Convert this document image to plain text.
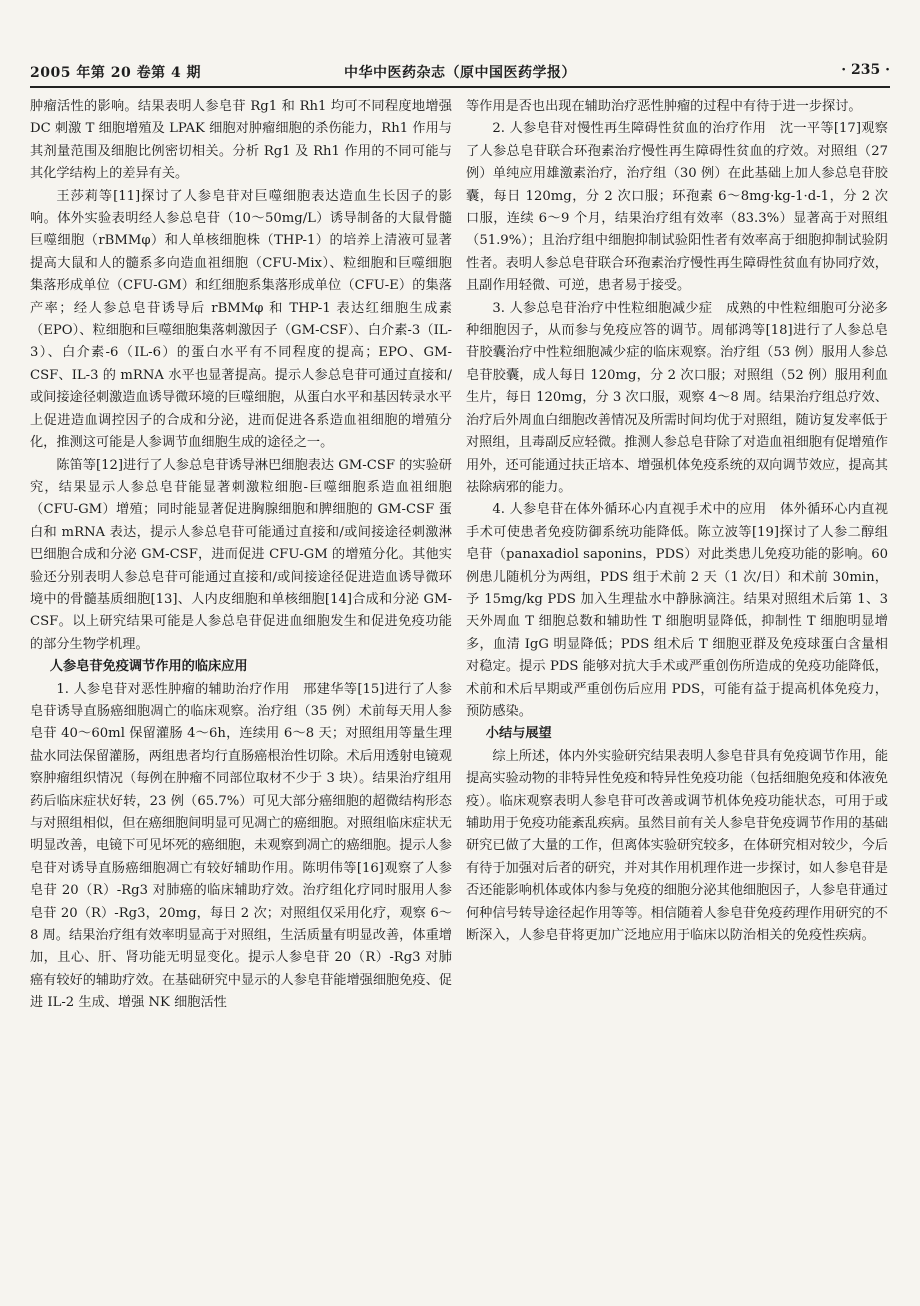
2005 年第 20 卷第 4 期	中华中医药杂志（原中国医药学报）	· 235 ·

肿瘤活性的影响。结果表明人参皂苷 Rg1 和 Rh1 均可不同程度地增强 DC 刺激 T 细胞增殖及 LPAK 细胞对肿瘤细胞的杀伤能力，Rh1 作用与其剂量范围及细胞比例密切相关。分析 Rg1 及 Rh1 作用的不同可能与其化学结构上的差异有关。

王莎莉等[11]探讨了人参皂苷对巨噬细胞表达造血生长因子的影响。体外实验表明经人参总皂苷（10～50mg/L）诱导制备的大鼠骨髓巨噬细胞（rBMMφ）和人单核细胞株（THP-1）的培养上清液可显著提高大鼠和人的髓系多向造血祖细胞（CFU-Mix）、粒细胞和巨噬细胞集落形成单位（CFU-GM）和红细胞系集落形成单位（CFU-E）的集落产率；经人参总皂苷诱导后 rBMMφ 和 THP-1 表达红细胞生成素（EPO）、粒细胞和巨噬细胞集落刺激因子（GM-CSF）、白介素-3（IL-3）、白介素-6（IL-6）的蛋白水平有不同程度的提高；EPO、GM-CSF、IL-3 的 mRNA 水平也显著提高。提示人参总皂苷可通过直接和/或间接途径刺激造血诱导微环境的巨噬细胞，从蛋白水平和基因转录水平上促进造血调控因子的合成和分泌，进而促进各系造血祖细胞的增殖分化，推测这可能是人参调节血细胞生成的途径之一。

陈笛等[12]进行了人参总皂苷诱导淋巴细胞表达 GM-CSF 的实验研究，结果显示人参总皂苷能显著刺激粒细胞-巨噬细胞系造血祖细胞（CFU-GM）增殖；同时能显著促进胸腺细胞和脾细胞的 GM-CSF 蛋白和 mRNA 表达，提示人参总皂苷可能通过直接和/或间接途径刺激淋巴细胞合成和分泌 GM-CSF，进而促进 CFU-GM 的增殖分化。其他实验还分别表明人参总皂苷可能通过直接和/或间接途径促进造血诱导微环境中的骨髓基质细胞[13]、人内皮细胞和单核细胞[14]合成和分泌 GM-CSF。以上研究结果可能是人参总皂苷促进血细胞发生和促进免疫功能的部分生物学机理。

人参皂苷免疫调节作用的临床应用

1. 人参皂苷对恶性肿瘤的辅助治疗作用　邢建华等[15]进行了人参皂苷诱导直肠癌细胞凋亡的临床观察。治疗组（35 例）术前每天用人参皂苷 40～60ml 保留灌肠 4～6h，连续用 6～8 天；对照组用等量生理盐水同法保留灌肠，两组患者均行直肠癌根治性切除。术后用透射电镜观察肿瘤组织情况（每例在肿瘤不同部位取材不少于 3 块）。结果治疗组用药后临床症状好转，23 例（65.7%）可见大部分癌细胞的超微结构形态与对照组相似，但在癌细胞间明显可见凋亡的癌细胞。对照组临床症状无明显改善，电镜下可见坏死的癌细胞，未观察到凋亡的癌细胞。提示人参皂苷对诱导直肠癌细胞凋亡有较好辅助作用。陈明伟等[16]观察了人参皂苷 20（R）-Rg3 对肺癌的临床辅助疗效。治疗组化疗同时服用人参皂苷 20（R）-Rg3，20mg，每日 2 次；对照组仅采用化疗，观察 6～8 周。结果治疗组有效率明显高于对照组，生活质量有明显改善，体重增加，且心、肝、肾功能无明显变化。提示人参皂苷 20（R）-Rg3 对肺癌有较好的辅助疗效。在基础研究中显示的人参皂苷能增强细胞免疫、促进 IL-2 生成、增强 NK 细胞活性

等作用是否也出现在辅助治疗恶性肿瘤的过程中有待于进一步探讨。

2. 人参皂苷对慢性再生障碍性贫血的治疗作用　沈一平等[17]观察了人参总皂苷联合环孢素治疗慢性再生障碍性贫血的疗效。对照组（27 例）单纯应用雄激素治疗，治疗组（30 例）在此基础上加人参总皂苷胶囊，每日 120mg，分 2 次口服；环孢素 6～8mg·kg-1·d-1，分 2 次口服，连续 6～9 个月，结果治疗组有效率（83.3%）显著高于对照组（51.9%）；且治疗组中细胞抑制试验阳性者有效率高于细胞抑制试验阴性者。表明人参总皂苷联合环孢素治疗慢性再生障碍性贫血有协同疗效，且副作用轻微、可逆，患者易于接受。

3. 人参总皂苷治疗中性粒细胞减少症　成熟的中性粒细胞可分泌多种细胞因子，从而参与免疫应答的调节。周郁鸿等[18]进行了人参总皂苷胶囊治疗中性粒细胞减少症的临床观察。治疗组（53 例）服用人参总皂苷胶囊，成人每日 120mg，分 2 次口服；对照组（52 例）服用利血生片，每日 120mg，分 3 次口服，观察 4～8 周。结果治疗组总疗效、治疗后外周血白细胞改善情况及所需时间均优于对照组，随访复发率低于对照组，且毒副反应轻微。推测人参总皂苷除了对造血祖细胞有促增殖作用外，还可能通过扶正培本、增强机体免疫系统的双向调节效应，提高其祛除病邪的能力。

4. 人参皂苷在体外循环心内直视手术中的应用　体外循环心内直视手术可使患者免疫防御系统功能降低。陈立波等[19]探讨了人参二醇组皂苷（panaxadiol saponins，PDS）对此类患儿免疫功能的影响。60 例患儿随机分为两组，PDS 组于术前 2 天（1 次/日）和术前 30min，予 15mg/kg PDS 加入生理盐水中静脉滴注。结果对照组术后第 1、3 天外周血 T 细胞总数和辅助性 T 细胞明显降低，抑制性 T 细胞明显增多，血清 IgG 明显降低；PDS 组术后 T 细胞亚群及免疫球蛋白含量相对稳定。提示 PDS 能够对抗大手术或严重创伤所造成的免疫功能降低，术前和术后早期或严重创伤后应用 PDS，可能有益于提高机体免疫力，预防感染。

小结与展望

综上所述，体内外实验研究结果表明人参皂苷具有免疫调节作用，能提高实验动物的非特异性免疫和特异性免疫功能（包括细胞免疫和体液免疫）。临床观察表明人参皂苷可改善或调节机体免疫功能状态，可用于或辅助用于免疫功能紊乱疾病。虽然目前有关人参皂苷免疫调节作用的基础研究已做了大量的工作，但离体实验研究较多，在体研究相对较少，今后有待于加强对后者的研究，并对其作用机理作进一步探讨，如人参皂苷是否还能影响机体或体内参与免疫的细胞分泌其他细胞因子，人参皂苷通过何种信号转导途径起作用等等。相信随着人参皂苷免疫药理作用研究的不断深入，人参皂苷将更加广泛地应用于临床以防治相关的免疫性疾病。
